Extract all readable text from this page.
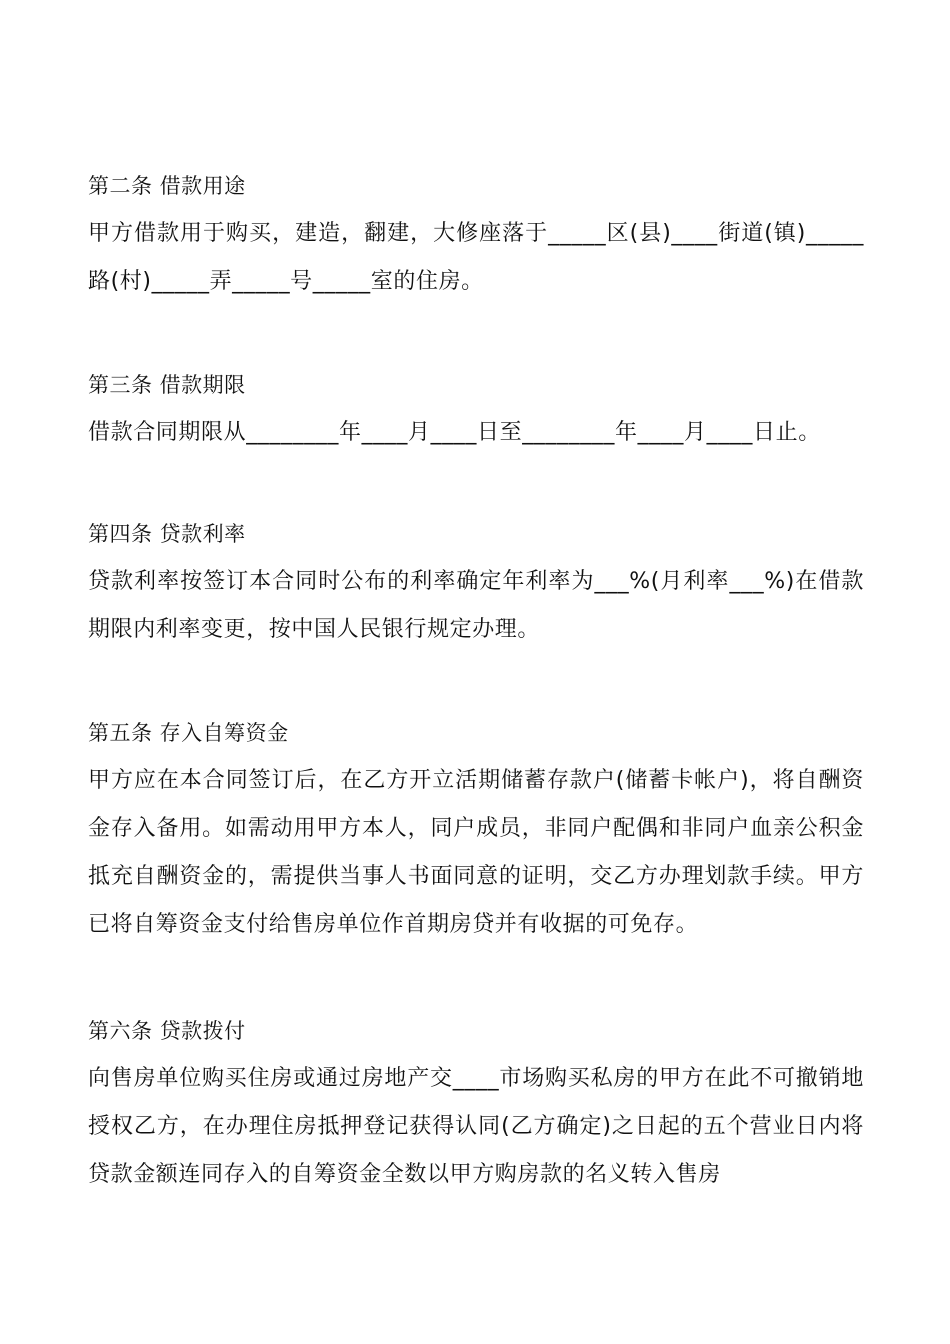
第二条 借款用途
甲方借款用于购买，建造，翻建，大修座落于_____区(县)____街道(镇)_____路(村)_____弄_____号_____室的住房。
第三条 借款期限
借款合同期限从________年____月____日至________年____月____日止。
第四条 贷款利率
贷款利率按签订本合同时公布的利率确定年利率为___%(月利率___%)在借款期限内利率变更，按中国人民银行规定办理。
第五条 存入自筹资金
甲方应在本合同签订后，在乙方开立活期储蓄存款户(储蓄卡帐户)，将自酬资金存入备用。如需动用甲方本人，同户成员，非同户配偶和非同户血亲公积金抵充自酬资金的，需提供当事人书面同意的证明，交乙方办理划款手续。甲方已将自筹资金支付给售房单位作首期房贷并有收据的可免存。
第六条 贷款拨付
向售房单位购买住房或通过房地产交____市场购买私房的甲方在此不可撤销地授权乙方，在办理住房抵押登记获得认同(乙方确定)之日起的五个营业日内将贷款金额连同存入的自筹资金全数以甲方购房款的名义转入售房
